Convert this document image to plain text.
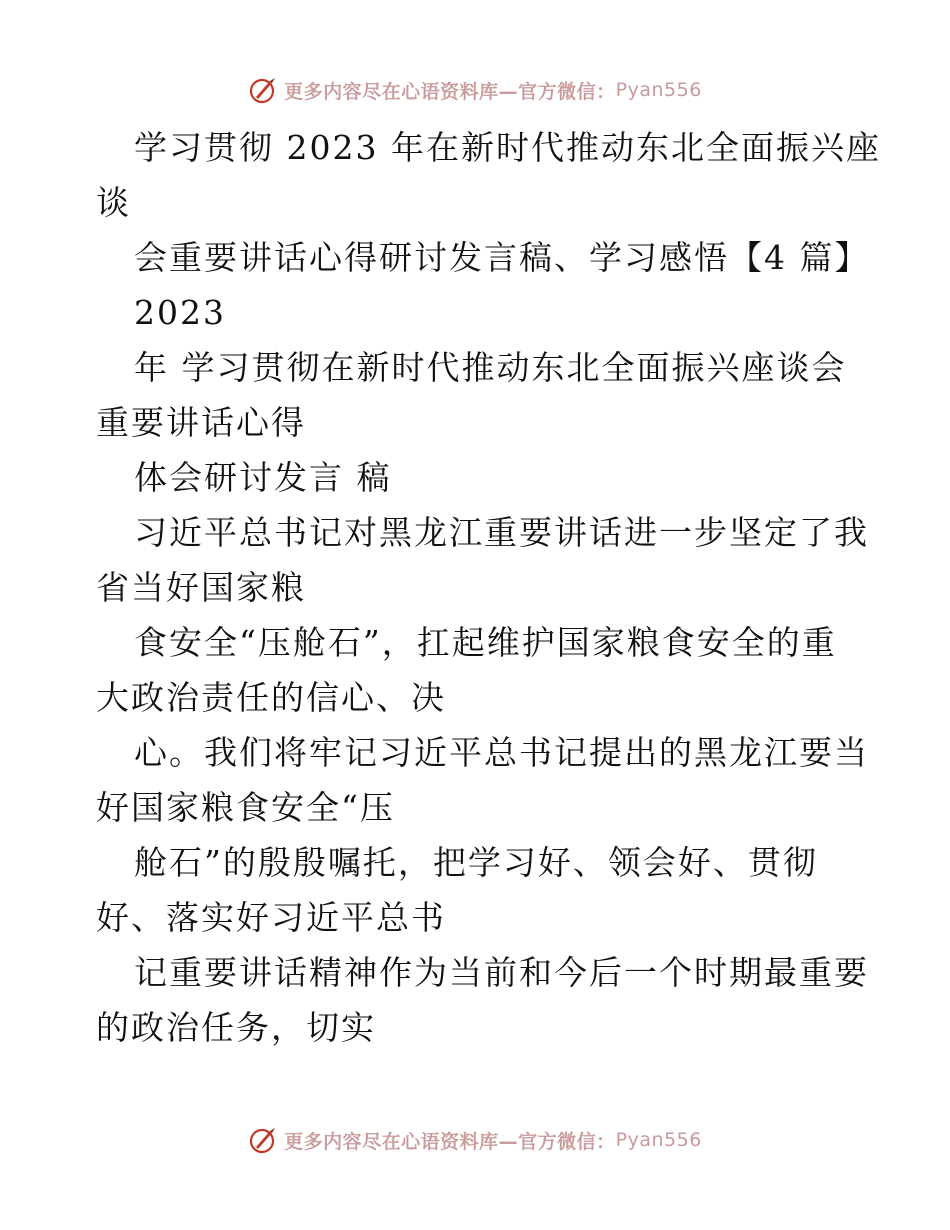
更多内容尽在心语资料库—官方微信： Pyan556
学习贯彻 2023 年在新时代推动东北全面振兴座
谈
会重要讲话心得研讨发言稿、学习感悟【4 篇】
2023
年 学习贯彻在新时代推动东北全面振兴座谈会
重要讲话心得
体会研讨发言 稿
习近平总书记对黑龙江重要讲话进一步坚定了我
省当好国家粮
食安全“压舱石”，扛起维护国家粮食安全的重
大政治责任的信心、决
心。我们将牢记习近平总书记提出的黑龙江要当
好国家粮食安全“压
舱石”的殷殷嘱托，把学习好、领会好、贯彻
好、落实好习近平总书
记重要讲话精神作为当前和今后一个时期最重要
的政治任务，切实
更多内容尽在心语资料库—官方微信： Pyan556
